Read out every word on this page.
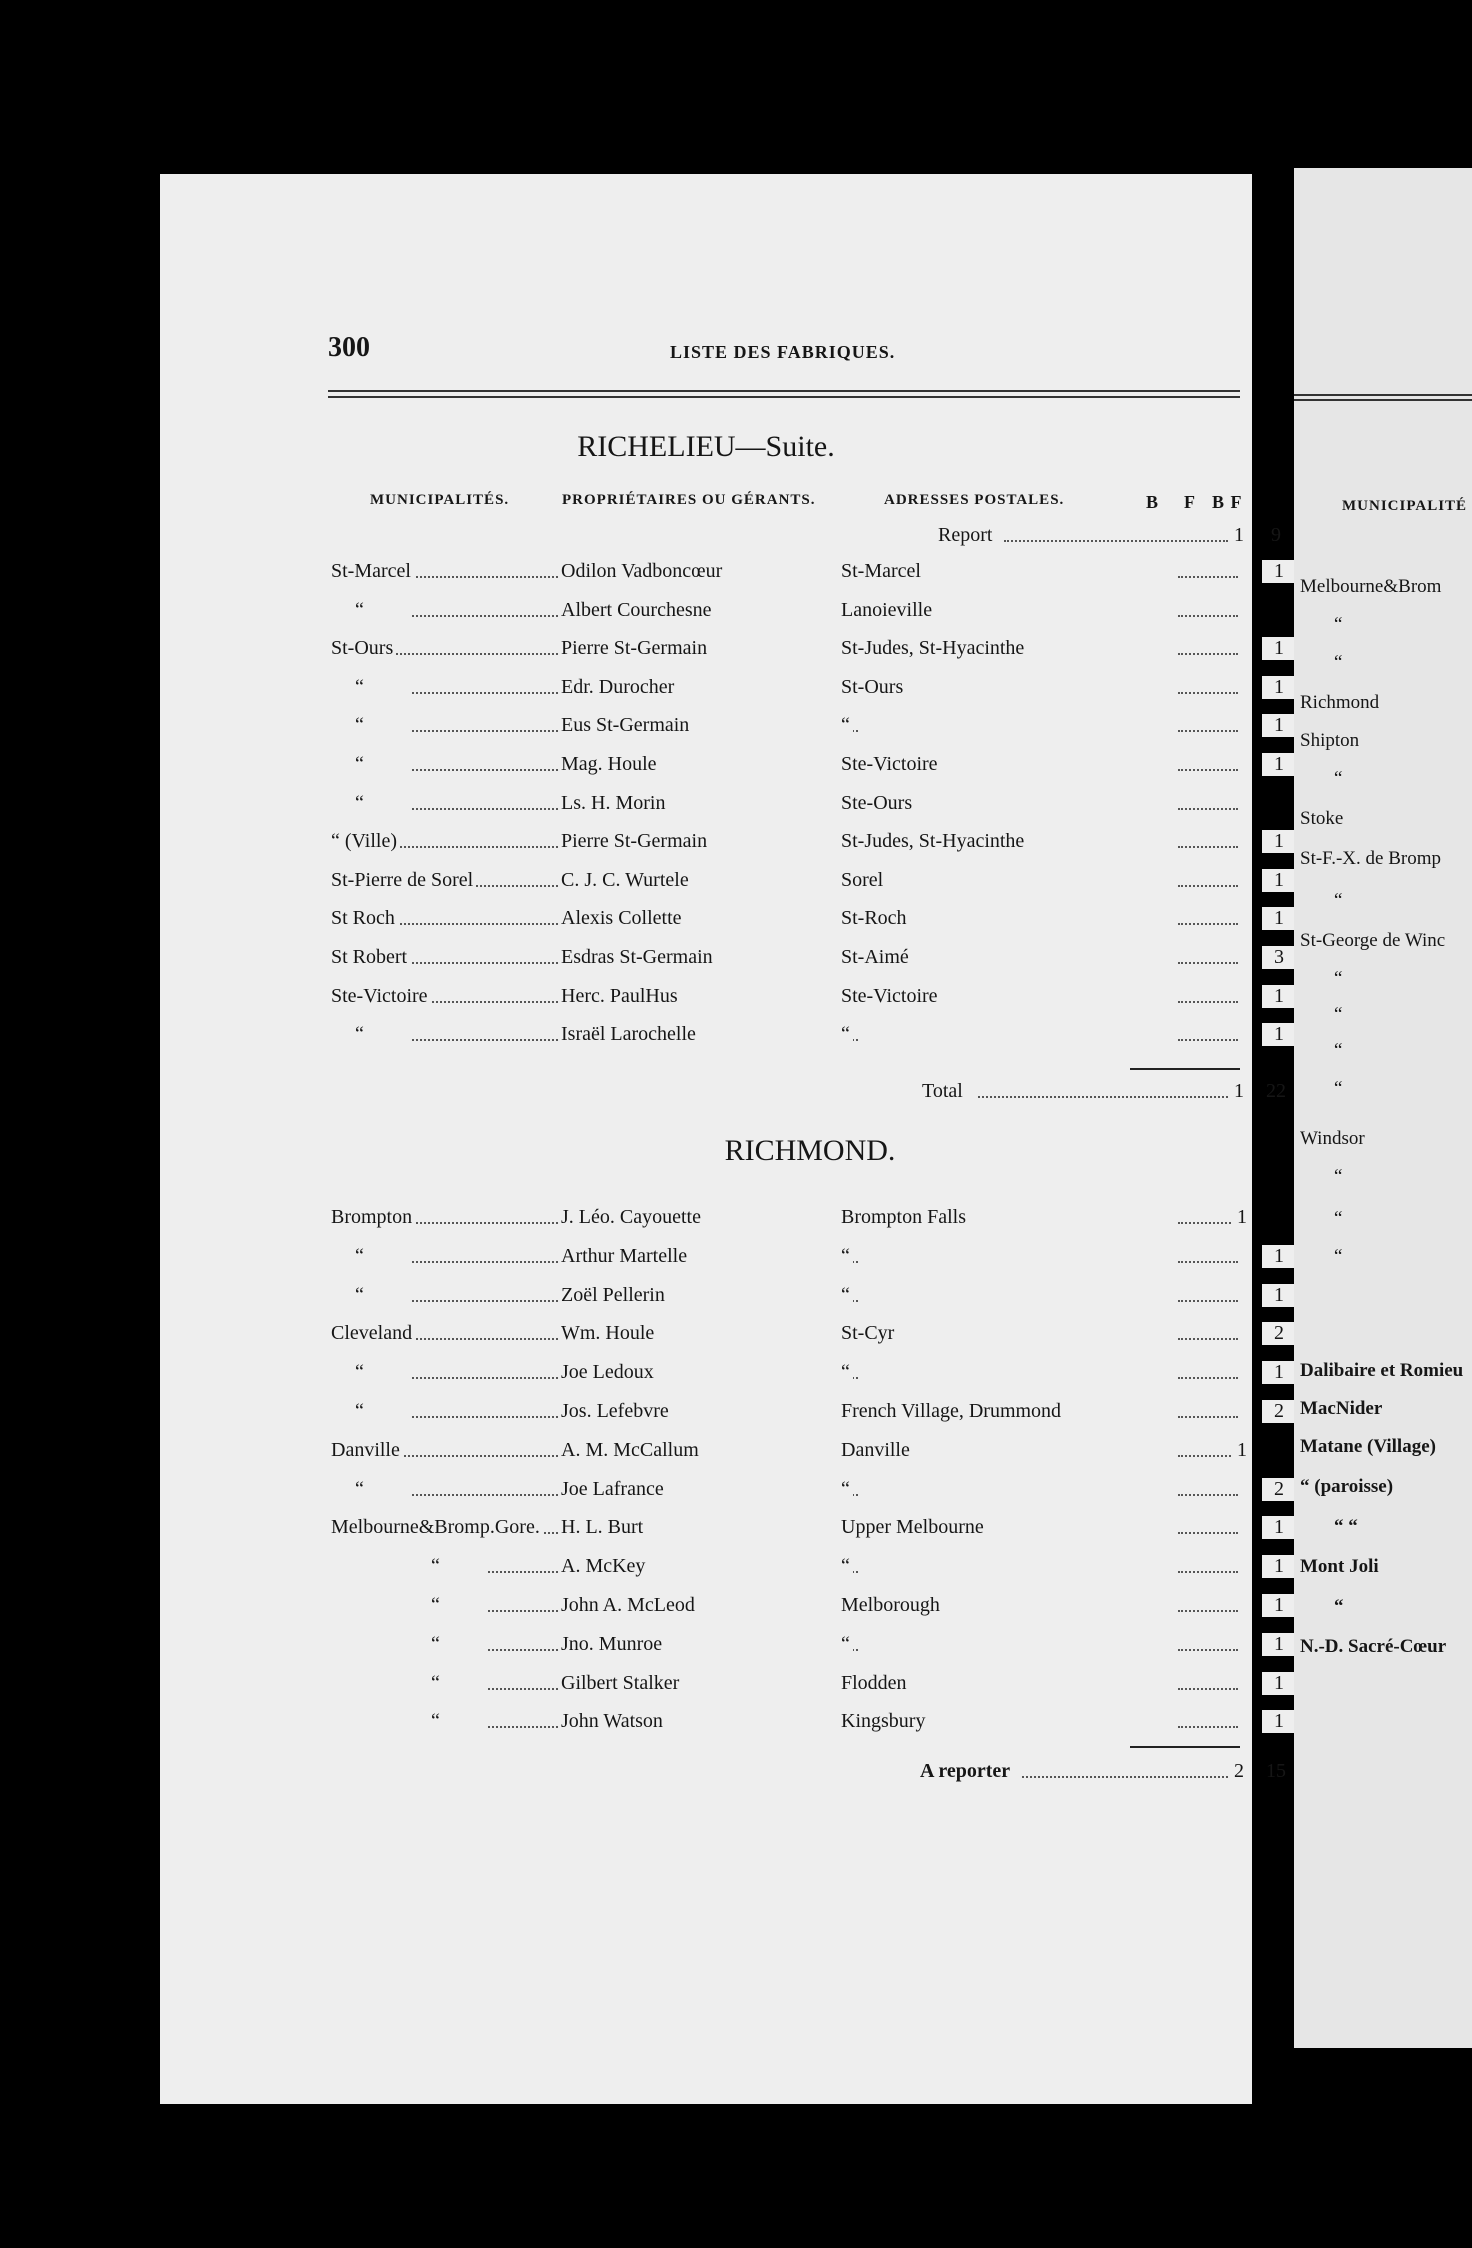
300	LISTE DES FABRIQUES.
RICHELIEU—Suite.
MUNICIPALITÉS.	PROPRIÉTAIRES OU GÉRANTS.	ADRESSES POSTALES.	B F B F
Report	1	9
St-Marcel	Odilon Vadboncœur	St-Marcel	1
“	Albert Courchesne	Lanoieville
St-Ours	Pierre St-Germain	St-Judes, St-Hyacinthe	1
“	Edr. Durocher	St-Ours	1
“	Eus St-Germain	“	1
“	Mag. Houle	Ste-Victoire	1
“	Ls. H. Morin	Ste-Ours
“ (Ville)	Pierre St-Germain	St-Judes, St-Hyacinthe	1
St-Pierre de Sorel	C. J. C. Wurtele	Sorel	1
St Roch	Alexis Collette	St-Roch	1
St Robert	Esdras St-Germain	St-Aimé	3
Ste-Victoire	Herc. PaulHus	Ste-Victoire	1
“	Israël Larochelle	“	1
Total	1 22
RICHMOND.
Brompton	J. Léo. Cayouette	Brompton Falls	1
“	Arthur Martelle	“	1
“	Zoël Pellerin	“	1
Cleveland	Wm. Houle	St-Cyr	2
“	Joe Ledoux	“	1
“	Jos. Lefebvre	French Village, Drummond	2
Danville	A. M. McCallum	Danville	1
“	Joe Lafrance	“	2
Melbourne&Bromp.Gore. H. L. Burt	Upper Melbourne	1
“	A. McKey	“	1
“	John A. McLeod	Melborough	1
“	Jno. Munroe	“	1
“	Gilbert Stalker	Flodden	1
“	John Watson	Kingsbury	1
A reporter	2 15
MUNICIPALITÉ
Melbourne&Brom
“
“
Richmond
Shipton
“
Stoke
St-F.-X. de Bromp
“
St-George de Winc
“
“
“
“
Windsor
“
“
“
Dalibaire et Romieu
MacNider
Matane (Village)
“ (paroisse)
“ “
Mont Joli
“
N.-D. Sacré-Cœur
